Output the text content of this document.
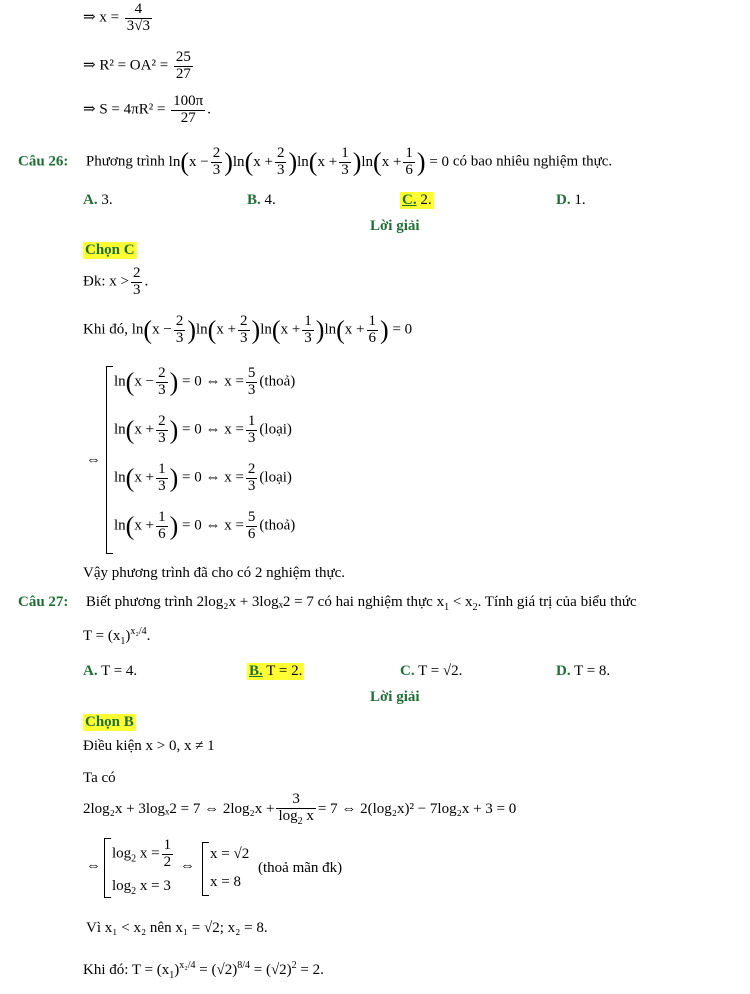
⇒ $x = \frac{4}{3√3}$
⇒ $R^2 = OA^2 = \frac{25}{27}$
⇒ $S = 4\pi R^2 = \frac{100\pi}{27}$ .
Câu 26: Phương trình $\ln(x - \frac{2}{3} )\ln(x + \frac{2}{3} )\ln(x + \frac{1}{3} )\ln(x + \frac{1}{6}$ ) = 0 có bao nhiêu nghiệm thực.
A. 3.	B. 4.	C. 2.	D. 1.
Lời giải
Chọn C
Đk: $x > \frac{2}{3}$ .
Khi đó, $\ln(x - \frac{2}{3} )\ln(x + \frac{2}{3} )\ln(x + \frac{1}{3} )\ln(x + \frac{1}{6}$ ) = 0
⇔
$\ln(x - \frac{2}{3}$ ) = 0 ⇔ $x = \frac{5}{3}$ (thoả)
$\ln(x + \frac{2}{3}$ ) = 0 ⇔ $x = \frac{1}{3}$ (loại)
$\ln(x + \frac{1}{3}$ ) = 0 ⇔ $x = \frac{2}{3}$ (loại)
$\ln(x + \frac{1}{6}$ ) = 0 ⇔ $x = \frac{5}{6}$ (thoả)
Vậy phương trình đã cho có 2 nghiệm thực.
Câu 27: Biết phương trình 2log₂x + 3logₓ2 = 7 có hai nghiệm thực $x_1 < x_2$. Tính giá trị của biểu thức
$T = (x_1)^{x_2/4}$.
A. T = 4.	B. T = 2.	C. T = √2.	D. T = 8.
Lời giải
Chọn B
Điều kiện x > 0, x ≠ 1
Ta có
2log₂x + 3logₓ2 = 7 ⇔ $2\log_2x + \frac{3}{\log_2 x} = 7$ ⇔ 2(log₂x)² − 7log₂x + 3 = 0
⇔
$\log_2 x = \frac{1}{2}$
$\log_2 x = 3$
⇔
x = √2
x = 8
(thoả mãn đk)
Vì x₁ < x₂ nên x₁ = √2; x₂ = 8.
Khi đó: $T = (x_1)^{x_2/4} = (√2)^{8/4} = (√2)^2 = 2$.
